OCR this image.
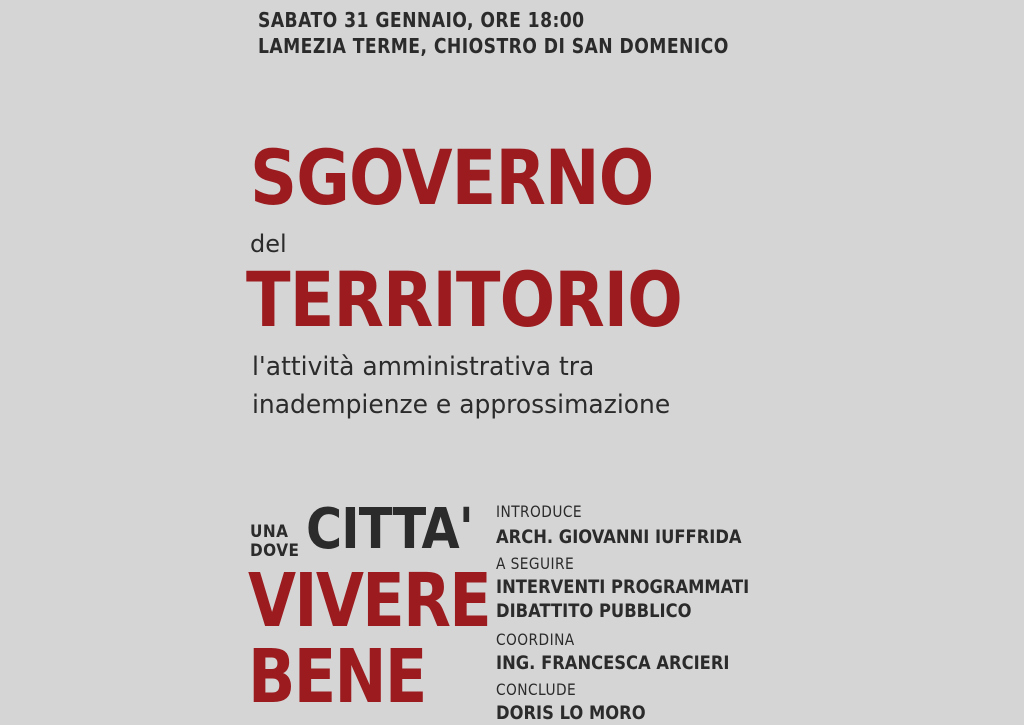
SABATO 31 GENNAIO, ORE 18:00
LAMEZIA TERME, CHIOSTRO DI SAN DOMENICO
SGOVERNO
del
TERRITORIO
l'attività amministrativa tra
inadempienze e approssimazione
UNA
DOVE CITTA'
VIVERE
BENE
INTRODUCE
ARCH. GIOVANNI IUFFRIDA
A SEGUIRE
INTERVENTI PROGRAMMATI
DIBATTITO PUBBLICO
COORDINA
ING. FRANCESCA ARCIERI
CONCLUDE
DORIS LO MORO
